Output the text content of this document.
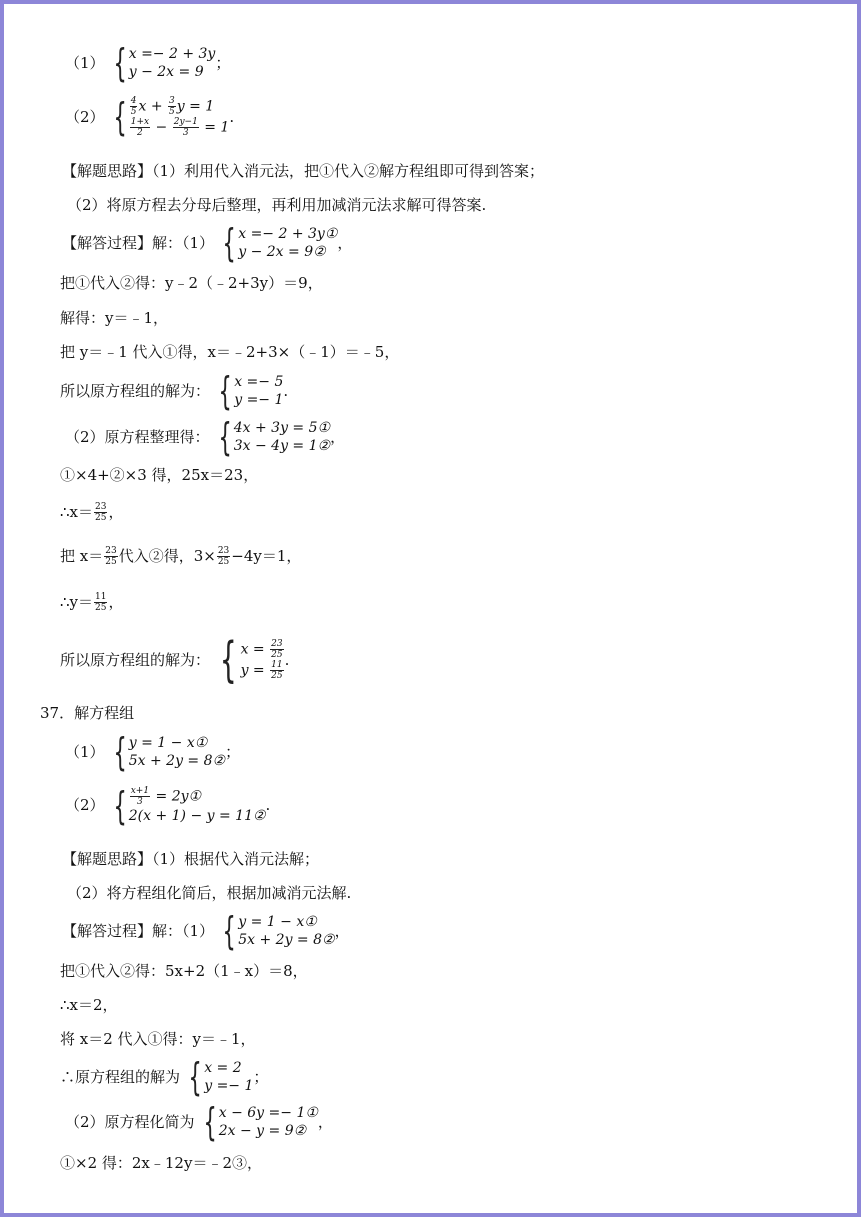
（1） { x =− 2 + 3y
y − 2x = 9
；
（2） { $\frac{4}{5}$ $x + \frac{3}{5}$ y = 1
$\frac{1+x}{2} - \frac{2y-1}{3} = 1$
.
【解题思路】（1）利用代入消元法，把①代入②解方程组即可得到答案；
（2）将原方程去分母后整理，再利用加减消元法求解可得答案.
【解答过程】解：（1） { x =− 2 + 3y①
y − 2x = 9②
，
把①代入②得：y﹣2（﹣2+3y）＝9，
解得：y＝﹣1，
把 y＝﹣1 代入①得，x＝﹣2+3×（﹣1）＝﹣5，
所以原方程组的解为： { x =− 5
y =− 1
.
（2）原方程整理得： { 4x + 3y = 5①
3x − 4y = 1②
，
①×4+②×3 得，25x＝23，
∴x＝ $\frac{23}{25}$ ，
把 $x= \frac{23}{25}$ 代入②得，$3\times \frac{23}{25} -4y=1$，
∴y＝ $\frac{11}{25}$ ，
所以原方程组的解为： { $x = \frac{23}{25}$
$y = \frac{11}{25}$
.
37．解方程组
（1） { y = 1 − x①
5x + 2y = 8②
；
（2） { $\frac{x+1}{3}$ = 2y①
2(x + 1) − y = 11②
.
【解题思路】（1）根据代入消元法解；
（2）将方程组化简后，根据加减消元法解.
【解答过程】解：（1） { y = 1 − x①
5x + 2y = 8②
，
把①代入②得：5x+2（1﹣x）＝8，
∴x＝2，
将 x＝2 代入①得：y＝﹣1，
∴原方程组的解为 { x = 2
y =− 1
；
（2）原方程化简为 { x − 6y =− 1①
2x − y = 9②
，
①×2 得：2x﹣12y＝﹣2③，
